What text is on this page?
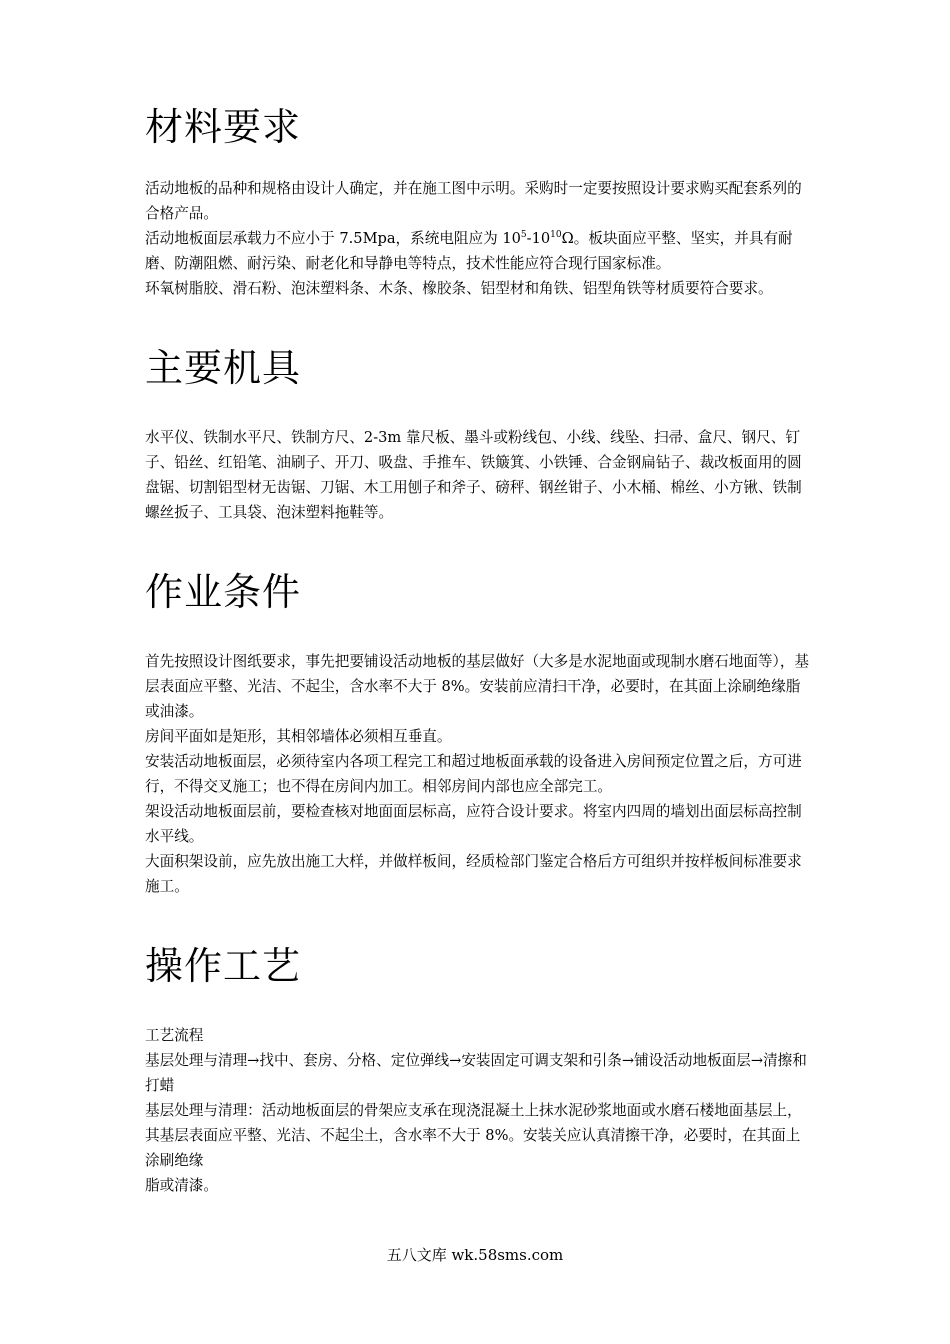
材料要求

活动地板的品种和规格由设计人确定，并在施工图中示明。采购时一定要按照设计要求购买配套系列的合格产品。

活动地板面层承载力不应小于 7.5Mpa，系统电阻应为 $10^5-10^{10}\Omega$。板块面应平整、坚实，并具有耐磨、防潮阻燃、耐污染、耐老化和导静电等特点，技术性能应符合现行国家标准。

环氧树脂胶、滑石粉、泡沫塑料条、木条、橡胶条、铝型材和角铁、铝型角铁等材质要符合要求。

主要机具

水平仪、铁制水平尺、铁制方尺、2-3m 靠尺板、墨斗或粉线包、小线、线坠、扫帚、盒尺、钢尺、钉子、铅丝、红铅笔、油刷子、开刀、吸盘、手推车、铁簸箕、小铁锤、合金钢扁钻子、裁改板面用的圆盘锯、切割铝型材无齿锯、刀锯、木工用刨子和斧子、磅秤、钢丝钳子、小木桶、棉丝、小方锹、铁制螺丝扳子、工具袋、泡沫塑料拖鞋等。

作业条件

首先按照设计图纸要求，事先把要铺设活动地板的基层做好（大多是水泥地面或现制水磨石地面等），基层表面应平整、光洁、不起尘，含水率不大于 8%。安装前应清扫干净，必要时，在其面上涂刷绝缘脂或油漆。

房间平面如是矩形，其相邻墙体必须相互垂直。

安装活动地板面层，必须待室内各项工程完工和超过地板面承载的设备进入房间预定位置之后，方可进行，不得交叉施工；也不得在房间内加工。相邻房间内部也应全部完工。

架设活动地板面层前，要检查核对地面面层标高，应符合设计要求。将室内四周的墙划出面层标高控制水平线。

大面积架设前，应先放出施工大样，并做样板间，经质检部门鉴定合格后方可组织并按样板间标准要求施工。

操作工艺

工艺流程

基层处理与清理→找中、套房、分格、定位弹线→安装固定可调支架和引条→铺设活动地板面层→清擦和打蜡

基层处理与清理：活动地板面层的骨架应支承在现浇混凝土上抹水泥砂浆地面或水磨石楼地面基层上，其基层表面应平整、光洁、不起尘土，含水率不大于 8%。安装关应认真清擦干净，必要时，在其面上涂刷绝缘

脂或清漆。

五八文库 wk.58sms.com
